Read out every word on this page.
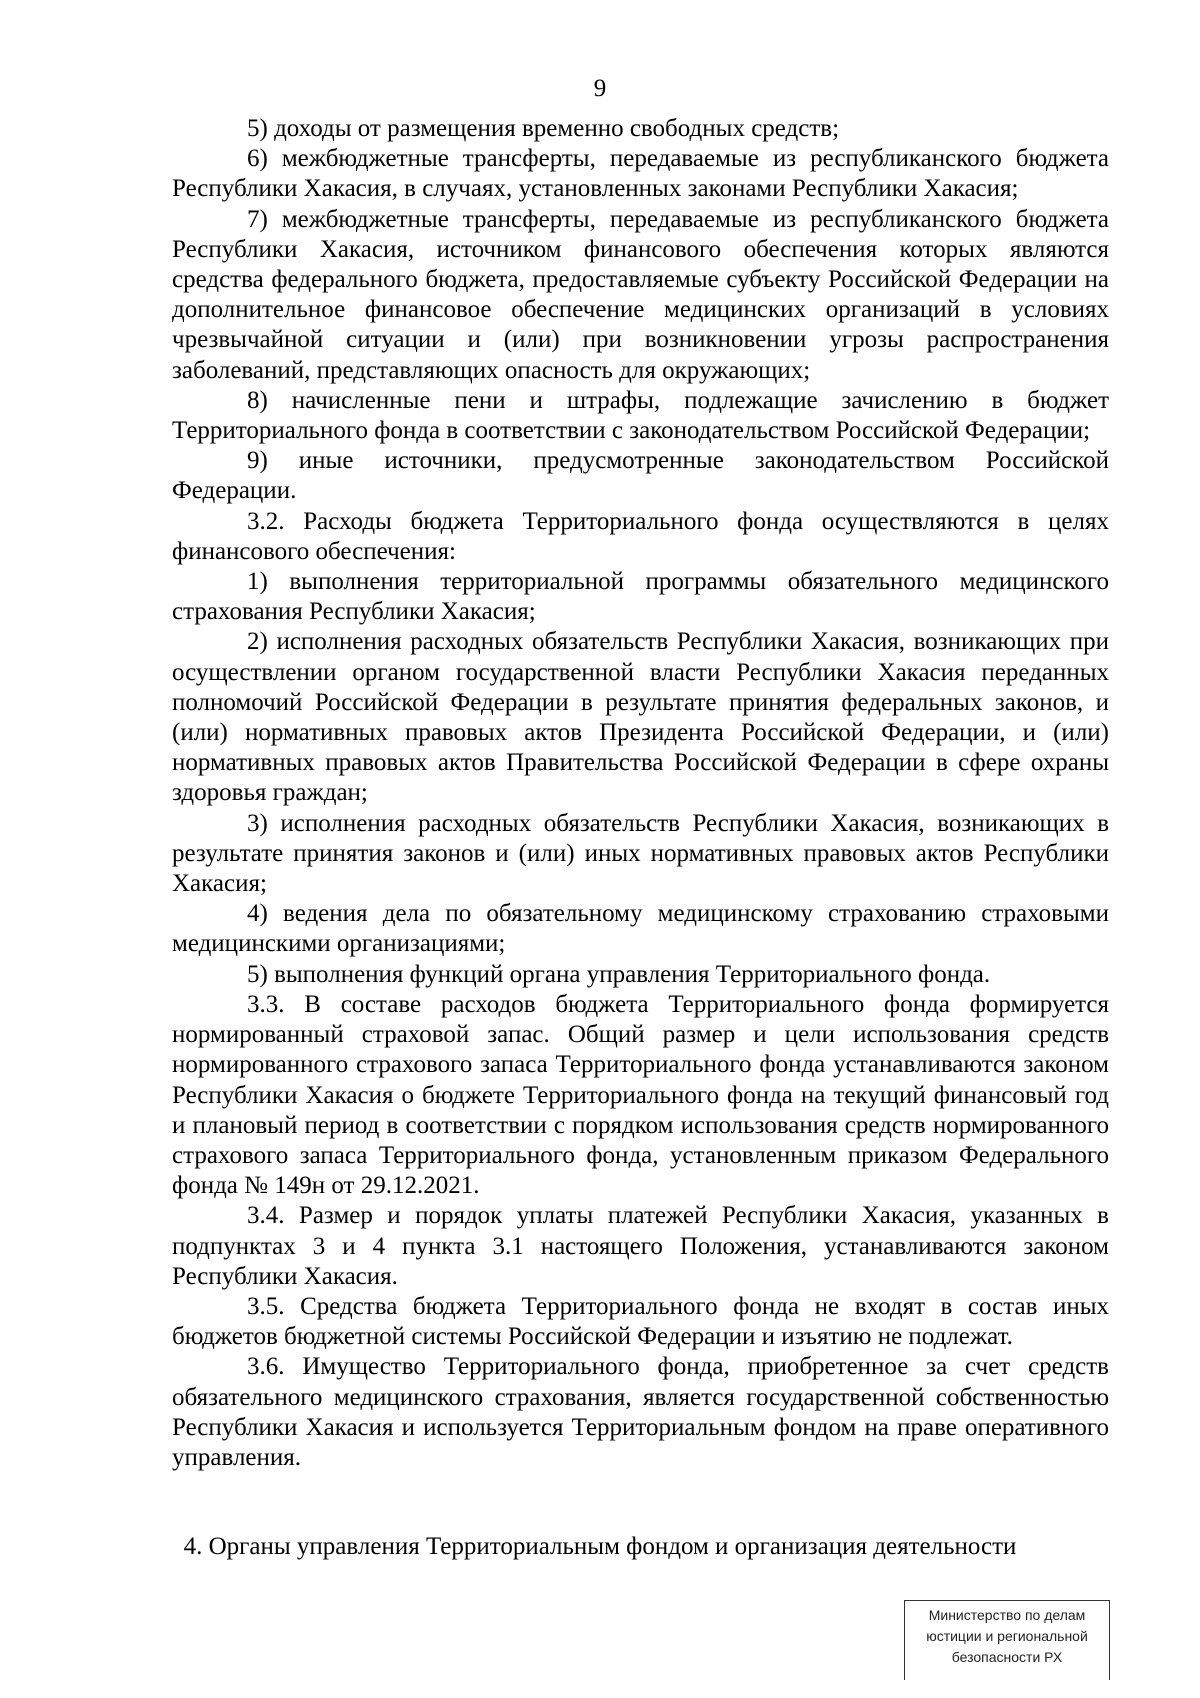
9

5) доходы от размещения временно свободных средств;

6) межбюджетные трансферты, передаваемые из республиканского бюджета Республики Хакасия, в случаях, установленных законами Республики Хакасия;

7) межбюджетные трансферты, передаваемые из республиканского бюджета Республики Хакасия, источником финансового обеспечения которых являются средства федерального бюджета, предоставляемые субъекту Российской Федерации на дополнительное финансовое обеспечение медицинских организаций в условиях чрезвычайной ситуации и (или) при возникновении угрозы распространения заболеваний, представляющих опасность для окружающих;

8) начисленные пени и штрафы, подлежащие зачислению в бюджет Территориального фонда в соответствии с законодательством Российской Федерации;

9) иные источники, предусмотренные законодательством Российской Федерации.

3.2. Расходы бюджета Территориального фонда осуществляются в целях финансового обеспечения:

1) выполнения территориальной программы обязательного медицинского страхования Республики Хакасия;

2) исполнения расходных обязательств Республики Хакасия, возникающих при осуществлении органом государственной власти Республики Хакасия переданных полномочий Российской Федерации в результате принятия федеральных законов, и (или) нормативных правовых актов Президента Российской Федерации, и (или) нормативных правовых актов Правительства Российской Федерации в сфере охраны здоровья граждан;

3) исполнения расходных обязательств Республики Хакасия, возникающих в результате принятия законов и (или) иных нормативных правовых актов Республики Хакасия;

4) ведения дела по обязательному медицинскому страхованию страховыми медицинскими организациями;

5) выполнения функций органа управления Территориального фонда.

3.3. В составе расходов бюджета Территориального фонда формируется нормированный страховой запас. Общий размер и цели использования средств нормированного страхового запаса Территориального фонда устанавливаются законом Республики Хакасия о бюджете Территориального фонда на текущий финансовый год и плановый период в соответствии с порядком использования средств нормированного страхового запаса Территориального фонда, установленным приказом Федерального фонда № 149н от 29.12.2021.

3.4. Размер и порядок уплаты платежей Республики Хакасия, указанных в подпунктах 3 и 4 пункта 3.1 настоящего Положения, устанавливаются законом Республики Хакасия.

3.5. Средства бюджета Территориального фонда не входят в состав иных бюджетов бюджетной системы Российской Федерации и изъятию не подлежат.

3.6. Имущество Территориального фонда, приобретенное за счет средств обязательного медицинского страхования, является государственной собственностью Республики Хакасия и используется Территориальным фондом на праве оперативного управления.

4. Органы управления Территориальным фондом и организация деятельности
Министерство по делам
юстиции и региональной
безопасности РХ
